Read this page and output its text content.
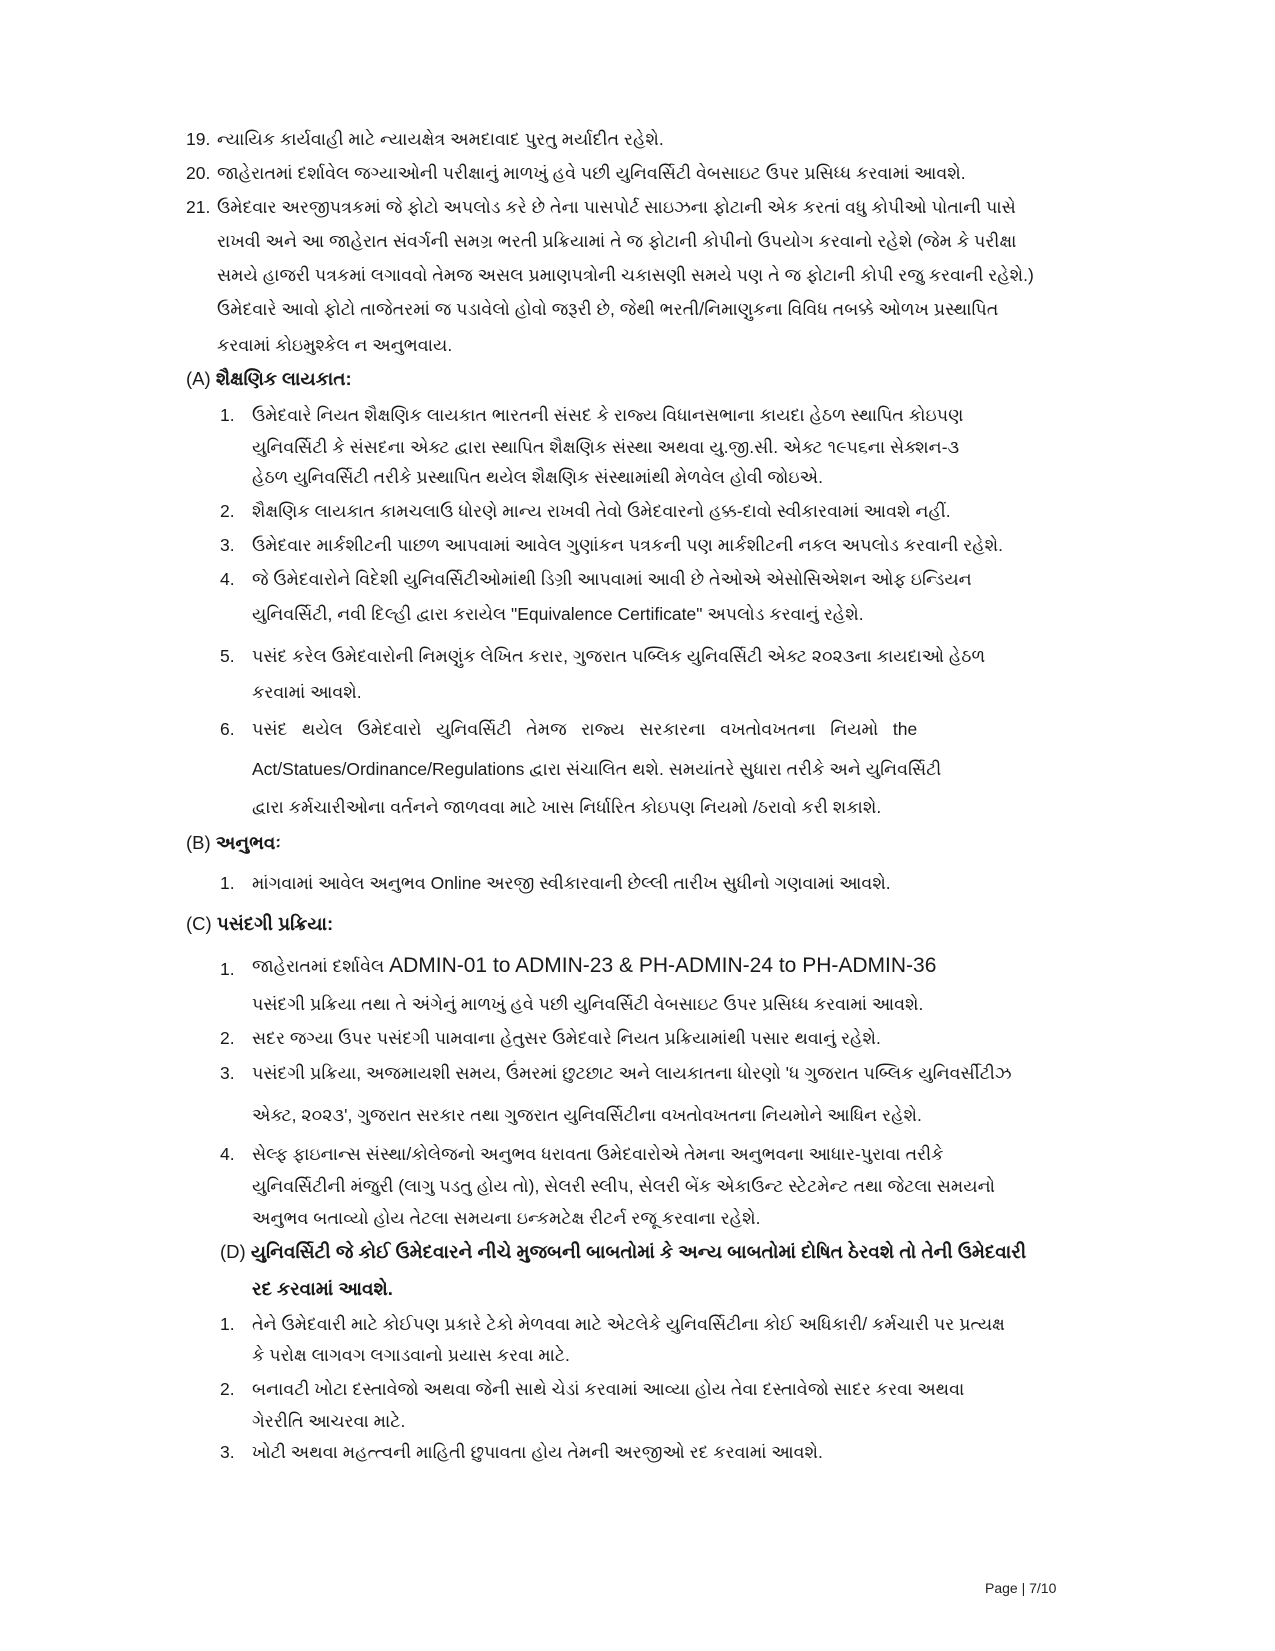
19. ન્યાયિક કાર્યવાહી માટે ન્યાયક્ષેત્ર અમદાવાદ પુરતુ મર્યાદીત રહેશે.
20. જાહેરાતમાં દર્શાવેલ જગ્યાઓની પરીક્ષાનું માળખું હવે પછી યુનિવર્સિટી વેબસાઇટ ઉપર પ્રસિધ્ધ કરવામાં આવશે.
21. ઉમેદવાર અરજીપત્રકમાં જે ફોટો અપલોડ કરે છે તેના પાસપોર્ટ સાઇઝના ફોટાની એક કરતાં વધુ કોપીઓ પોતાની પાસે
રાખવી અને આ જાહેરાત સંવર્ગની સમગ્ર ભરતી પ્રક્રિયામાં તે જ ફોટાની કોપીનો ઉપયોગ કરવાનો રહેશે (જેમ કે પરીક્ષા
સમયે હાજરી પત્રકમાં લગાવવો તેમજ અસલ પ્રમાણપત્રોની ચકાસણી સમયે પણ તે જ ફોટાની કોપી રજુ કરવાની રહેશે.)
ઉમેદવારે આવો ફોટો તાજેતરમાં જ પડાવેલો હોવો જરૂરી છે, જેથી ભરતી/નિમાણુકના વિવિધ તબક્કે ઓળખ પ્રસ્થાપિત
કરવામાં કોઇમુશ્કેલ ન અનુભવાય.
(A) શૈક્ષણિક લાયકાત:
1. ઉમેદવારે નિયત શૈક્ષણિક લાયકાત ભારતની સંસદ કે રાજ્ય વિધાનસભાના કાયદા હેઠળ સ્થાપિત કોઇપણ
યુનિવર્સિટી કે સંસદના એક્ટ દ્વારા સ્થાપિત શૈક્ષણિક સંસ્થા અથવા યુ.જી.સી. એક્ટ ૧૯૫૬ના સેક્શન-૩
હેઠળ યુનિવર્સિટી તરીકે પ્રસ્થાપિત થયેલ શૈક્ષણિક સંસ્થામાંથી મેળવેલ હોવી જોઇએ.
2. શૈક્ષણિક લાયકાત કામચલાઉ ધોરણે માન્ય રાખવી તેવો ઉમેદવારનો હક્ક-દાવો સ્વીકારવામાં આવશે નહીં.
3. ઉમેદવાર માર્કશીટની પાછળ આપવામાં આવેલ ગુણાંકન પત્રકની પણ માર્કશીટની નકલ અપલોડ કરવાની રહેશે.
4. જે ઉમેદવારોને વિદેશી યુનિવર્સિટીઓમાંથી ડિગ્રી આપવામાં આવી છે તેઓએ એસોસિએશન ઓફ ઇન્ડિયન
યુનિવર્સિટી, નવી દિલ્હી દ્વારા કરાયેલ "Equivalence Certificate" અપલોડ કરવાનું રહેશે.
5. પસંદ કરેલ ઉમેદવારોની નિમણુંક લેખિત કરાર, ગુજરાત પબ્લિક યુનિવર્સિટી એક્ટ ૨૦૨૩ના કાયદાઓ હેઠળ
કરવામાં આવશે.
6. પસંદ   થયેલ   ઉમેદવારો   યુનિવર્સિટી   તેમજ   રાજ્ય   સરકારના   વખતોવખતના   નિયમો   the
Act/Statues/Ordinance/Regulations દ્વારા સંચાલિત થશે. સમયાંતરે સુધારા તરીકે અને યુનિવર્સિટી
દ્વારા કર્મચારીઓના વર્તનને જાળવવા માટે ખાસ નિર્ધારિત કોઇપણ નિયમો /ઠરાવો કરી શકાશે.
(B) અનુભવઃ
1. માંગવામાં આવેલ અનુભવ Online અરજી સ્વીકારવાની છેલ્લી તારીખ સુધીનો ગણવામાં આવશે.
(C) પસંદગી પ્રક્રિયા:
1. જાહેરાતમાં દર્શાવેલ ADMIN-01 to ADMIN-23 & PH-ADMIN-24 to PH-ADMIN-36
પસંદગી પ્રક્રિયા તથા તે અંગેનું માળખું હવે પછી યુનિવર્સિટી વેબસાઇટ ઉપર પ્રસિધ્ધ કરવામાં આવશે.
2. સદર જગ્યા ઉપર પસંદગી પામવાના હેતુસર ઉમેદવારે નિયત પ્રક્રિયામાંથી પસાર થવાનું રહેશે.
3. પસંદગી પ્રક્રિયા, અજમાયશી સમય, ઉંમરમાં છુટછાટ અને લાયકાતના ધોરણો 'ધ ગુજરાત પબ્લિક યુનિવર્સીટીઝ
એક્ટ, ૨૦૨૩', ગુજરાત સરકાર તથા ગુજરાત યુનિવર્સિટીના વખતોવખતના નિયમોને આધિન રહેશે.
4. સેલ્ફ ફાઇનાન્સ સંસ્થા/કોલેજનો અનુભવ ધરાવતા ઉમેદવારોએ તેમના અનુભવના આધાર-પુરાવા તરીકે
યુનિવર્સિટીની મંજુરી (લાગુ પડતુ હોય તો), સેલરી સ્લીપ, સેલરી બેંક એકાઉન્ટ સ્ટેટમેન્ટ તથા જેટલા સમયનો
અનુભવ બતાવ્યો હોય તેટલા સમયના ઇન્કમટેક્ષ રીટર્ન રજૂ કરવાના રહેશે.
(D) યુનિવર્સિટી જે કોઈ ઉમેદવારને નીચે મુજબની બાબતોમાં કે અન્ય બાબતોમાં દોષિત ઠેરવશે તો તેની ઉમેદવારી
રદ કરવામાં આવશે.
1. તેને ઉમેદવારી માટે કોઈપણ પ્રકારે ટેકો મેળવવા માટે એટલેકે યુનિવર્સિટીના કોઈ અધિકારી/ કર્મચારી પર પ્રત્યક્ષ
કે પરોક્ષ લાગવગ લગાડવાનો પ્રયાસ કરવા માટે.
2. બનાવટી ખોટા દસ્તાવેજો અથવા જેની સાથે ચેડાં કરવામાં આવ્યા હોય તેવા દસ્તાવેજો સાદર કરવા અથવા
ગેરરીતિ આચરવા માટે.
3. ખોટી અથવા મહત્ત્વની માહિતી છુપાવતા હોય તેમની અરજીઓ રદ કરવામાં આવશે.
Page | 7/10
